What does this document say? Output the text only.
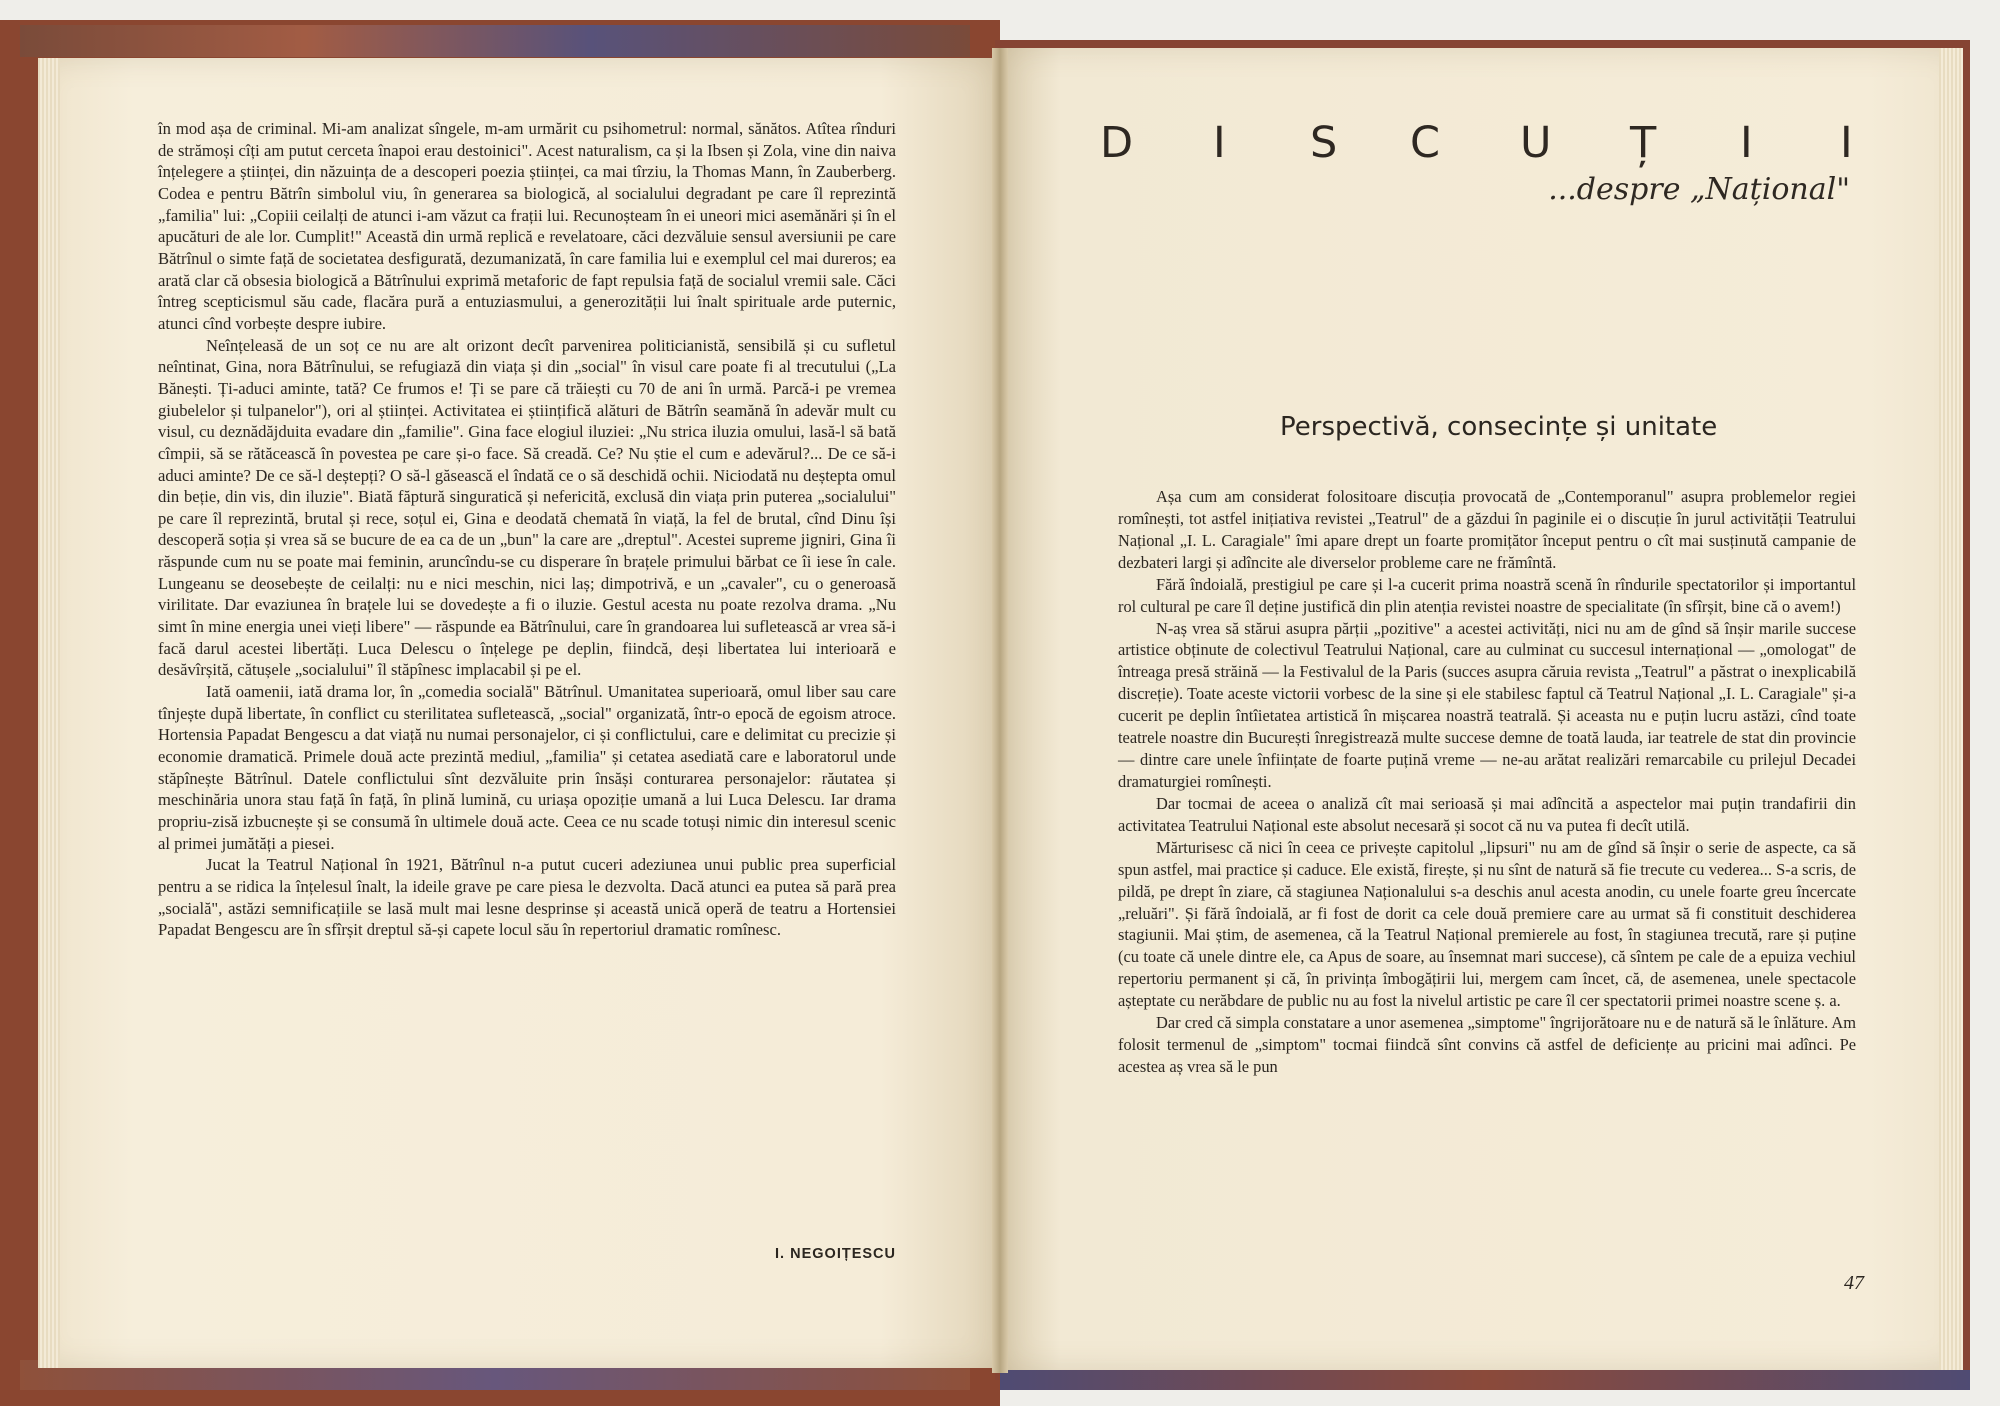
în mod așa de criminal. Mi-am analizat sîngele, m-am urmărit cu psihometrul: normal, sănătos. Atîtea rînduri de strămoși cîți am putut cerceta înapoi erau destoinici". Acest naturalism, ca și la Ibsen și Zola, vine din naiva înțelegere a științei, din năzuința de a descoperi poezia științei, ca mai tîrziu, la Thomas Mann, în Zauberberg. Codea e pentru Bătrîn simbolul viu, în generarea sa biologică, al socialului degradant pe care îl reprezintă „familia" lui: „Copiii ceilalți de atunci i-am văzut ca frații lui. Recunoșteam în ei uneori mici asemănări și în el apucături de ale lor. Cumplit!" Această din urmă replică e revelatoare, căci dezvăluie sensul aversiunii pe care Bătrînul o simte față de societatea desfigurată, dezumanizată, în care familia lui e exemplul cel mai dureros; ea arată clar că obsesia biologică a Bătrînului exprimă metaforic de fapt repulsia față de socialul vremii sale. Căci întreg scepticismul său cade, flacăra pură a entuziasmului, a generozității lui înalt spirituale arde puternic, atunci cînd vorbește despre iubire.

Neînțeleasă de un soț ce nu are alt orizont decît parvenirea politicianistă, sensibilă și cu sufletul neîntinat, Gina, nora Bătrînului, se refugiază din viața și din „social" în visul care poate fi al trecutului („La Bănești. Ți-aduci aminte, tată? Ce frumos e! Ți se pare că trăiești cu 70 de ani în urmă. Parcă-i pe vremea giubelelor și tulpanelor"), ori al științei. Activitatea ei științifică alături de Bătrîn seamănă în adevăr mult cu visul, cu deznădăjduita evadare din „familie". Gina face elogiul iluziei: „Nu strica iluzia omului, lasă-l să bată cîmpii, să se rătăcească în povestea pe care și-o face. Să creadă. Ce? Nu știe el cum e adevărul?... De ce să-i aduci aminte? De ce să-l deștepți? O să-l găsească el îndată ce o să deschidă ochii. Niciodată nu deștepta omul din beție, din vis, din iluzie". Biată făptură singuratică și nefericită, exclusă din viața prin puterea „socialului" pe care îl reprezintă, brutal și rece, soțul ei, Gina e deodată chemată în viață, la fel de brutal, cînd Dinu își descoperă soția și vrea să se bucure de ea ca de un „bun" la care are „dreptul". Acestei supreme jigniri, Gina îi răspunde cum nu se poate mai feminin, aruncîndu-se cu disperare în brațele primului bărbat ce îi iese în cale. Lungeanu se deosebește de ceilalți: nu e nici meschin, nici laș; dimpotrivă, e un „cavaler", cu o generoasă virilitate. Dar evaziunea în brațele lui se dovedește a fi o iluzie. Gestul acesta nu poate rezolva drama. „Nu simt în mine energia unei vieți libere" — răspunde ea Bătrînului, care în grandoarea lui sufletească ar vrea să-i facă darul acestei libertăți. Luca Delescu o înțelege pe deplin, fiindcă, deși libertatea lui interioară e desăvîrșită, cătușele „socialului" îl stăpînesc implacabil și pe el.

Iată oamenii, iată drama lor, în „comedia socială" Bătrînul. Umanitatea superioară, omul liber sau care tînjește după libertate, în conflict cu sterilitatea sufletească, „social" organizată, într-o epocă de egoism atroce. Hortensia Papadat Bengescu a dat viață nu numai personajelor, ci și conflictului, care e delimitat cu precizie și economie dramatică. Primele două acte prezintă mediul, „familia" și cetatea asediată care e laboratorul unde stăpînește Bătrînul. Datele conflictului sînt dezvăluite prin însăși conturarea personajelor: răutatea și meschinăria unora stau față în față, în plină lumină, cu uriașa opoziție umană a lui Luca Delescu. Iar drama propriu-zisă izbucnește și se consumă în ultimele două acte. Ceea ce nu scade totuși nimic din interesul scenic al primei jumătăți a piesei.

Jucat la Teatrul Național în 1921, Bătrînul n-a putut cuceri adeziunea unui public prea superficial pentru a se ridica la înțelesul înalt, la ideile grave pe care piesa le dezvolta. Dacă atunci ea putea să pară prea „socială", astăzi semnificațiile se lasă mult mai lesne desprinse și această unică operă de teatru a Hortensiei Papadat Bengescu are în sfîrșit dreptul să-și capete locul său în repertoriul dramatic romînesc.

I. NEGOIȚESCU
D I S C U Ț I I
...despre „Național"
Perspectivă, consecințe și unitate

Așa cum am considerat folositoare discuția provocată de „Contemporanul" asupra problemelor regiei romînești, tot astfel inițiativa revistei „Teatrul" de a găzdui în paginile ei o discuție în jurul activității Teatrului Național „I. L. Caragiale" îmi apare drept un foarte promițător început pentru o cît mai susținută campanie de dezbateri largi și adîncite ale diverselor probleme care ne frămîntă.

Fără îndoială, prestigiul pe care și l-a cucerit prima noastră scenă în rîndurile spectatorilor și importantul rol cultural pe care îl deține justifică din plin atenția revistei noastre de specialitate (în sfîrșit, bine că o avem!)

N-aș vrea să stărui asupra părții „pozitive" a acestei activități, nici nu am de gînd să înșir marile succese artistice obținute de colectivul Teatrului Național, care au culminat cu succesul internațional — „omologat" de întreaga presă străină — la Festivalul de la Paris (succes asupra căruia revista „Teatrul" a păstrat o inexplicabilă discreție). Toate aceste victorii vorbesc de la sine și ele stabilesc faptul că Teatrul Național „I. L. Caragiale" și-a cucerit pe deplin întîietatea artistică în mișcarea noastră teatrală. Și aceasta nu e puțin lucru astăzi, cînd toate teatrele noastre din București înregistrează multe succese demne de toată lauda, iar teatrele de stat din provincie — dintre care unele înființate de foarte puțină vreme — ne-au arătat realizări remarcabile cu prilejul Decadei dramaturgiei romînești.

Dar tocmai de aceea o analiză cît mai serioasă și mai adîncită a aspectelor mai puțin trandafirii din activitatea Teatrului Național este absolut necesară și socot că nu va putea fi decît utilă.

Mărturisesc că nici în ceea ce privește capitolul „lipsuri" nu am de gînd să înșir o serie de aspecte, ca să spun astfel, mai practice și caduce. Ele există, firește, și nu sînt de natură să fie trecute cu vederea... S-a scris, de pildă, pe drept în ziare, că stagiunea Naționalului s-a deschis anul acesta anodin, cu unele foarte greu încercate „reluări". Și fără îndoială, ar fi fost de dorit ca cele două premiere care au urmat să fi constituit deschiderea stagiunii. Mai știm, de asemenea, că la Teatrul Național premierele au fost, în stagiunea trecută, rare și puține (cu toate că unele dintre ele, ca Apus de soare, au însemnat mari succese), că sîntem pe cale de a epuiza vechiul repertoriu permanent și că, în privința îmbogățirii lui, mergem cam încet, că, de asemenea, unele spectacole așteptate cu nerăbdare de public nu au fost la nivelul artistic pe care îl cer spectatorii primei noastre scene ș. a.

Dar cred că simpla constatare a unor asemenea „simptome" îngrijorătoare nu e de natură să le înlăture. Am folosit termenul de „simptom" tocmai fiindcă sînt convins că astfel de deficiențe au pricini mai adînci. Pe acestea aș vrea să le pun

47
